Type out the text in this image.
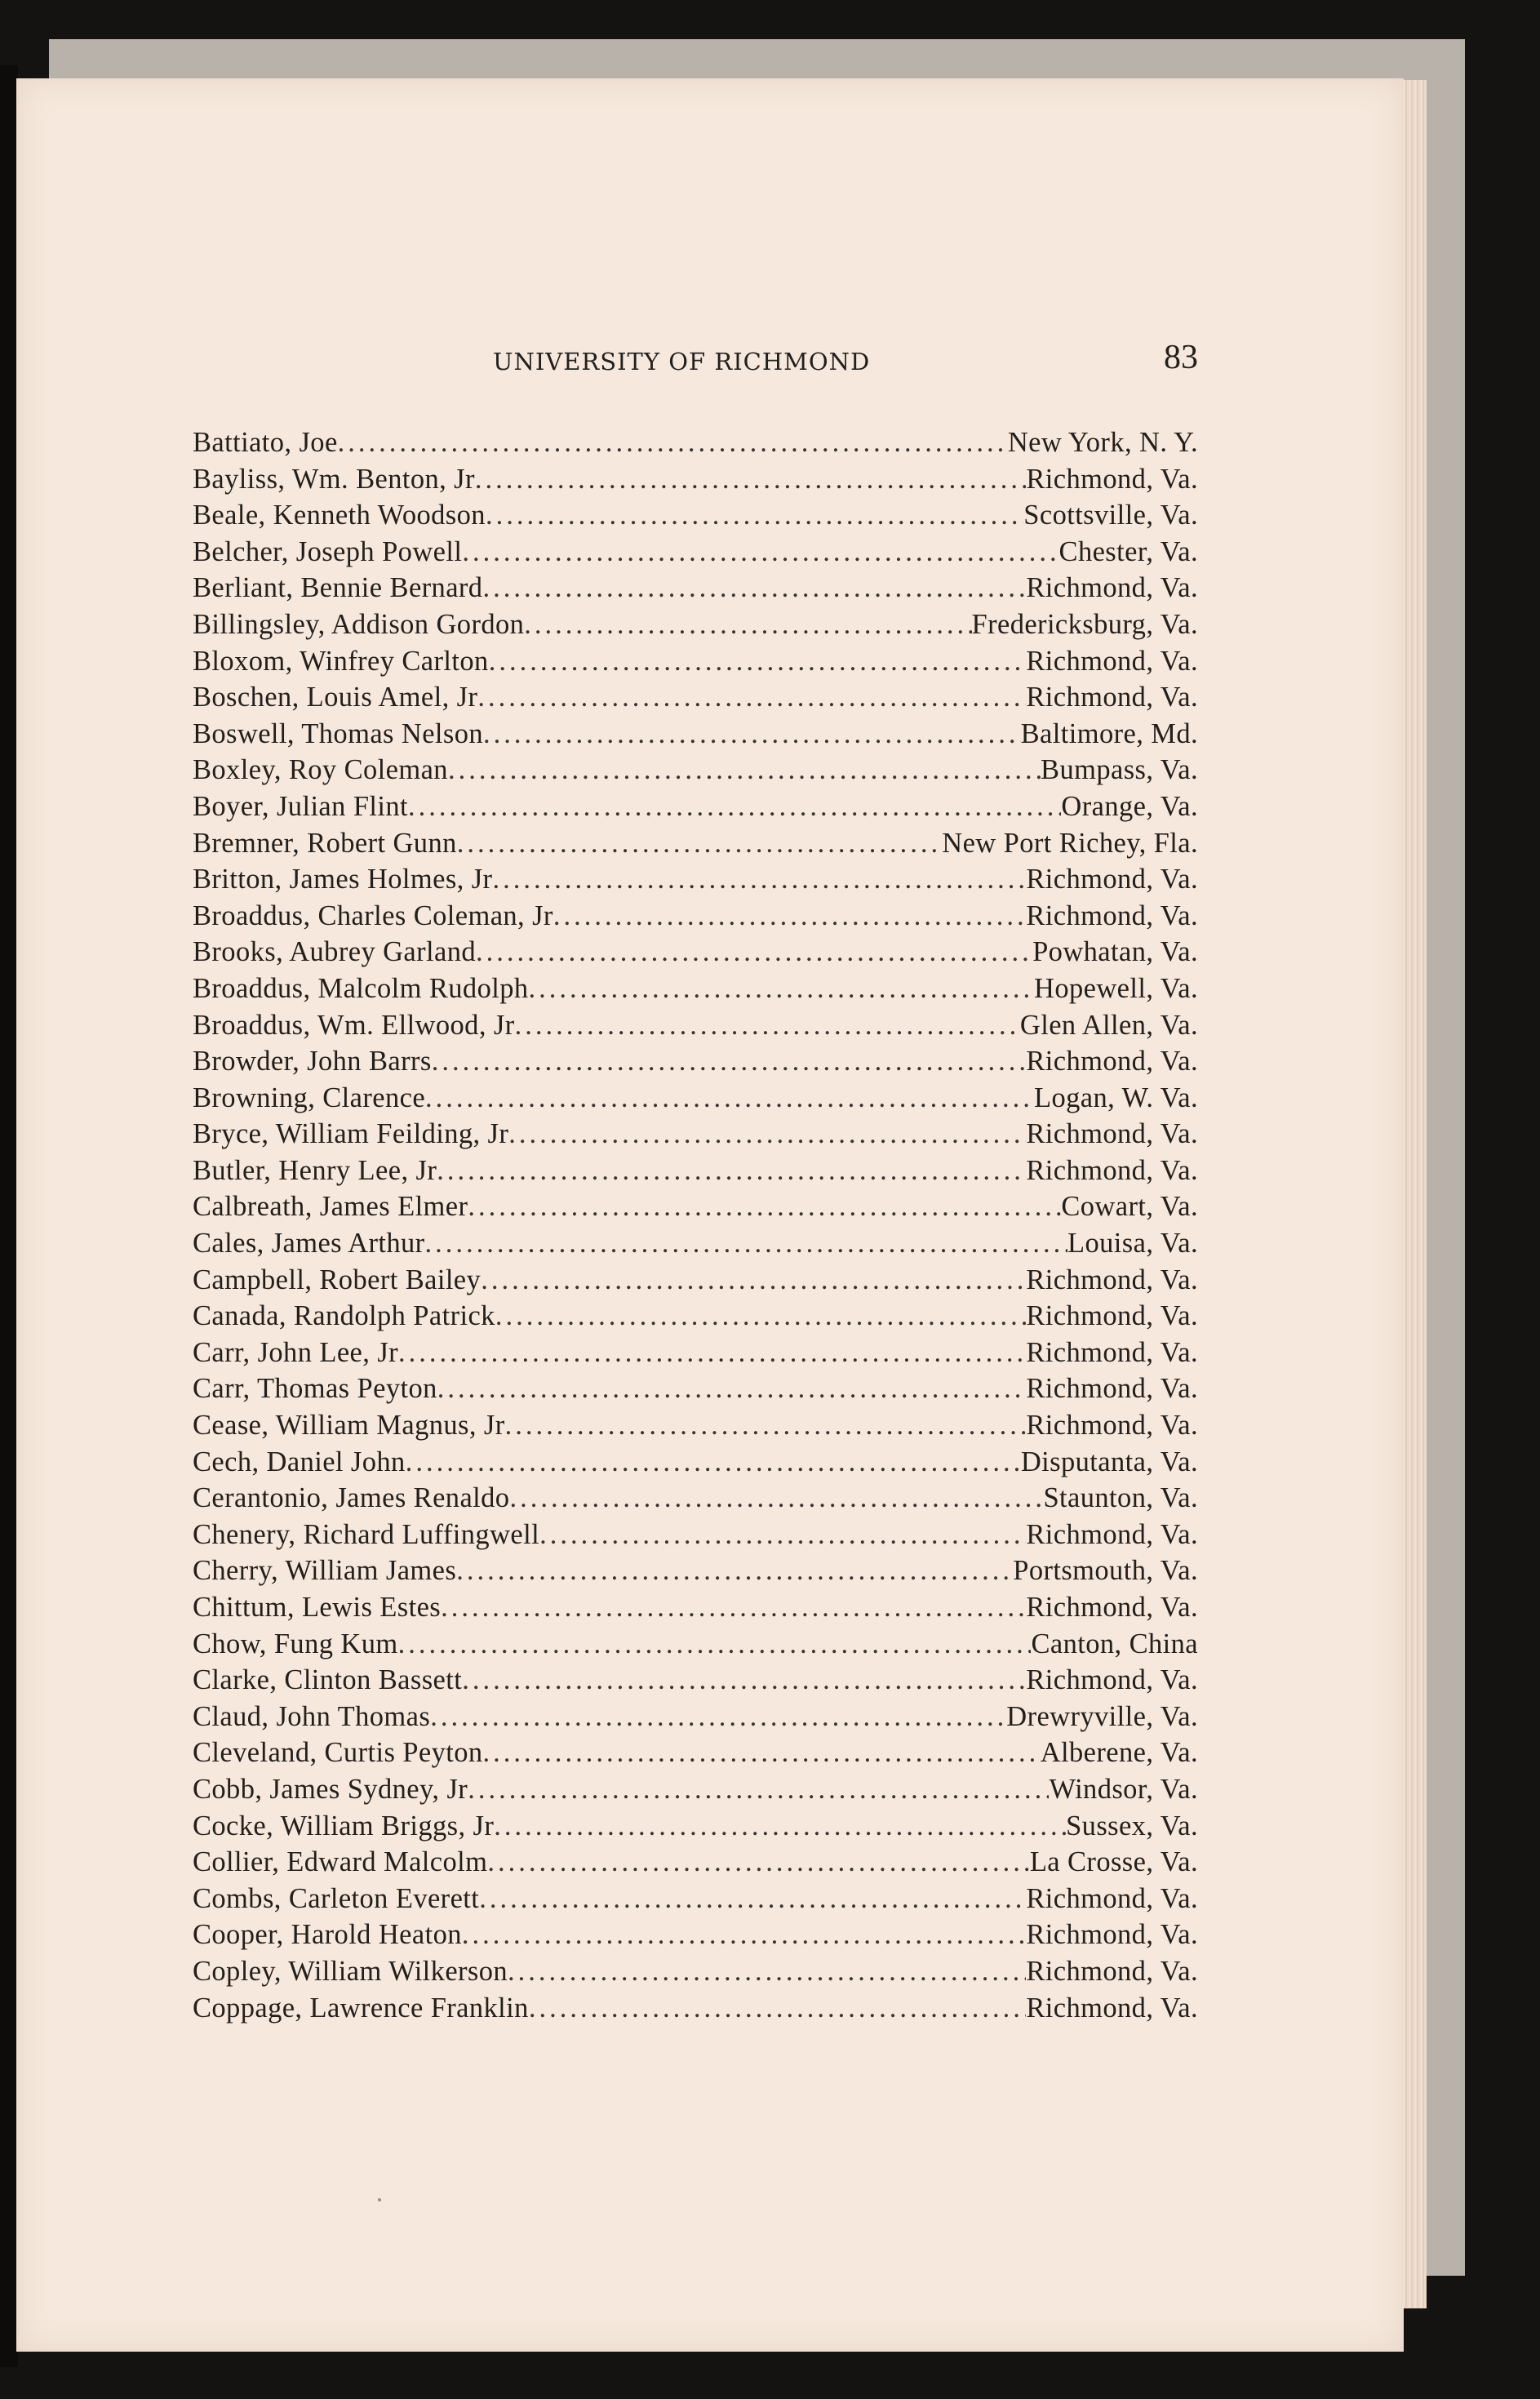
UNIVERSITY OF RICHMOND	83
Battiato, Joe .....	New York, N. Y.
Bayliss, Wm. Benton, Jr .....	Richmond, Va.
Beale, Kenneth Woodson .....	Scottsville, Va.
Belcher, Joseph Powell .....	Chester, Va.
Berliant, Bennie Bernard .....	Richmond, Va.
Billingsley, Addison Gordon .....	Fredericksburg, Va.
Bloxom, Winfrey Carlton .....	Richmond, Va.
Boschen, Louis Amel, Jr .....	Richmond, Va.
Boswell, Thomas Nelson .....	Baltimore, Md.
Boxley, Roy Coleman .....	Bumpass, Va.
Boyer, Julian Flint .....	Orange, Va.
Bremner, Robert Gunn .....	New Port Richey, Fla.
Britton, James Holmes, Jr .....	Richmond, Va.
Broaddus, Charles Coleman, Jr .....	Richmond, Va.
Brooks, Aubrey Garland .....	Powhatan, Va.
Broaddus, Malcolm Rudolph .....	Hopewell, Va.
Broaddus, Wm. Ellwood, Jr .....	Glen Allen, Va.
Browder, John Barrs .....	Richmond, Va.
Browning, Clarence .....	Logan, W. Va.
Bryce, William Feilding, Jr .....	Richmond, Va.
Butler, Henry Lee, Jr .....	Richmond, Va.
Calbreath, James Elmer .....	Cowart, Va.
Cales, James Arthur .....	Louisa, Va.
Campbell, Robert Bailey .....	Richmond, Va.
Canada, Randolph Patrick .....	Richmond, Va.
Carr, John Lee, Jr .....	Richmond, Va.
Carr, Thomas Peyton .....	Richmond, Va.
Cease, William Magnus, Jr .....	Richmond, Va.
Cech, Daniel John .....	Disputanta, Va.
Cerantonio, James Renaldo .....	Staunton, Va.
Chenery, Richard Luffingwell .....	Richmond, Va.
Cherry, William James .....	Portsmouth, Va.
Chittum, Lewis Estes .....	Richmond, Va.
Chow, Fung Kum .....	Canton, China
Clarke, Clinton Bassett .....	Richmond, Va.
Claud, John Thomas .....	Drewryville, Va.
Cleveland, Curtis Peyton .....	Alberene, Va.
Cobb, James Sydney, Jr .....	Windsor, Va.
Cocke, William Briggs, Jr .....	Sussex, Va.
Collier, Edward Malcolm .....	La Crosse, Va.
Combs, Carleton Everett .....	Richmond, Va.
Cooper, Harold Heaton .....	Richmond, Va.
Copley, William Wilkerson .....	Richmond, Va.
Coppage, Lawrence Franklin .....	Richmond, Va.
